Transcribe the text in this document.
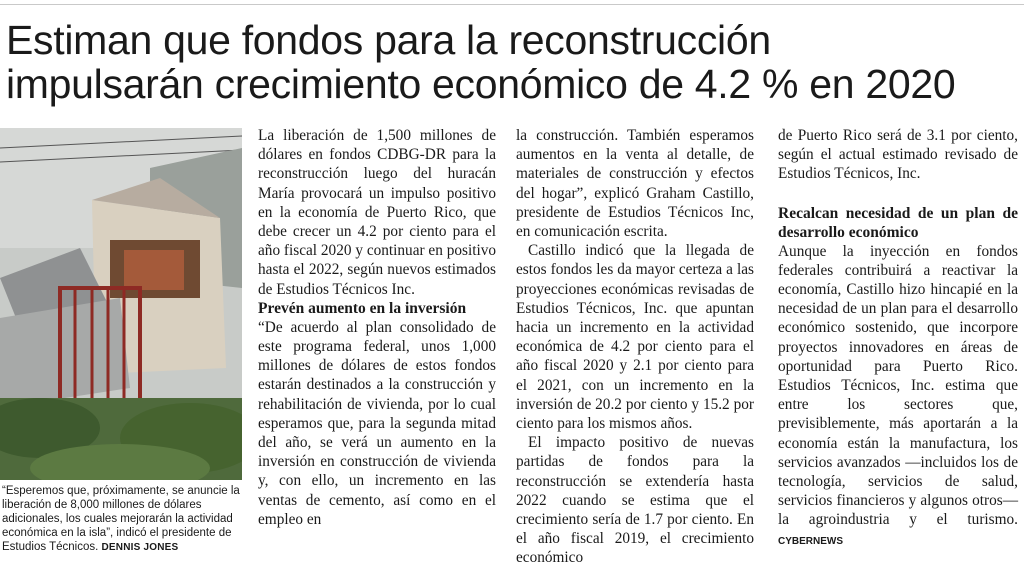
Estiman que fondos para la reconstrucción
impulsarán crecimiento económico de 4.2 % en 2020
“Esperemos que, próximamente, se anuncie la liberación de 8,000 millones de dólares adicionales, los cuales mejorarán la actividad económica en la isla”, indicó el presidente de Estudios Técnicos. DENNIS JONES

La liberación de 1,500 millones de dólares en fondos CDBG-DR para la reconstrucción luego del huracán María provocará un impulso positivo en la economía de Puerto Rico, que debe crecer un 4.2 por ciento para el año fiscal 2020 y continuar en positivo hasta el 2022, según nuevos estimados de Estudios Técnicos Inc.

Prevén aumento en la inversión

“De acuerdo al plan consolidado de este programa federal, unos 1,000 millones de dólares de estos fondos estarán destinados a la construcción y rehabilitación de vivienda, por lo cual esperamos que, para la segunda mitad del año, se verá un aumento en la inversión en construcción de vivienda y, con ello, un incremento en las ventas de cemento, así como en el empleo en

la construcción. También esperamos aumentos en la venta al detalle, de materiales de construcción y efectos del hogar”, explicó Graham Castillo, presidente de Estudios Técnicos Inc, en comunicación escrita.

Castillo indicó que la llegada de estos fondos les da mayor certeza a las proyecciones económicas revisadas de Estudios Técnicos, Inc. que apuntan hacia un incremento en la actividad económica de 4.2 por ciento para el año fiscal 2020 y 2.1 por ciento para el 2021, con un incremento en la inversión de 20.2 por ciento y 15.2 por ciento para los mismos años.

El impacto positivo de nuevas partidas de fondos para la reconstrucción se extendería hasta 2022 cuando se estima que el crecimiento sería de 1.7 por ciento. En el año fiscal 2019, el crecimiento económico

de Puerto Rico será de 3.1 por ciento, según el actual estimado revisado de Estudios Técnicos, Inc.

Recalcan necesidad de un plan de desarrollo económico

Aunque la inyección en fondos federales contribuirá a reactivar la economía, Castillo hizo hincapié en la necesidad de un plan para el desarrollo económico sostenido, que incorpore proyectos innovadores en áreas de oportunidad para Puerto Rico. Estudios Técnicos, Inc. estima que entre los sectores que, previsiblemente, más aportarán a la economía están la manufactura, los servicios avanzados —incluidos los de tecnología, servicios de salud, servicios financieros y algunos otros— la agroindustria y el turismo. CYBERNEWS
